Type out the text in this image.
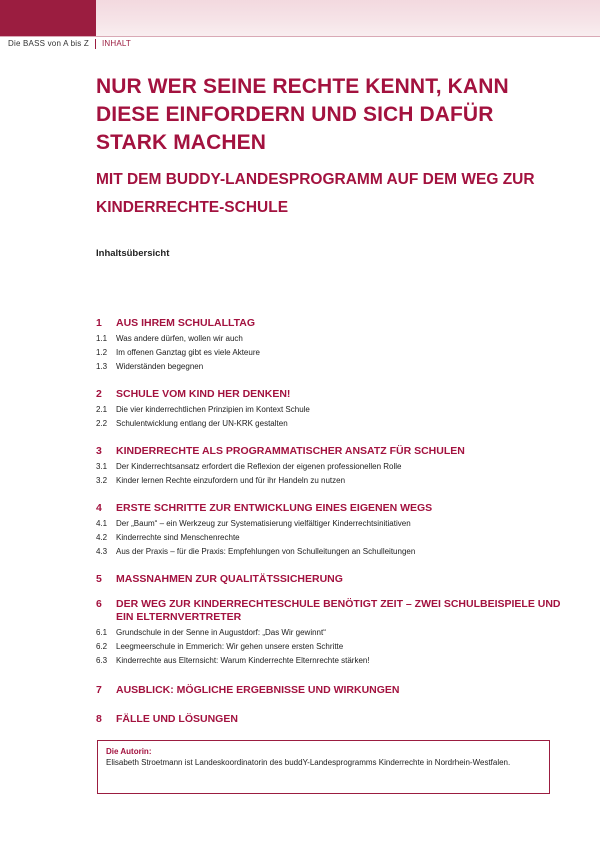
Die BASS von A bis Z INHALT
NUR WER SEINE RECHTE KENNT, KANN DIESE EINFORDERN UND SICH DAFÜR STARK MACHEN
MIT DEM BUDDY-LANDESPROGRAMM AUF DEM WEG ZUR KINDERRECHTE-SCHULE
Inhaltsübersicht
1	AUS IHREM SCHULALLTAG
1.1	Was andere dürfen, wollen wir auch
1.2	Im offenen Ganztag gibt es viele Akteure
1.3	Widerständen begegnen
2	SCHULE VOM KIND HER DENKEN!
2.1	Die vier kinderrechtlichen Prinzipien im Kontext Schule
2.2	Schulentwicklung entlang der UN-KRK gestalten
3	KINDERRECHTE ALS PROGRAMMATISCHER ANSATZ FÜR SCHULEN
3.1	Der Kinderrechtsansatz erfordert die Reflexion der eigenen professionellen Rolle
3.2	Kinder lernen Rechte einzufordern und für ihr Handeln zu nutzen
4	ERSTE SCHRITTE ZUR ENTWICKLUNG EINES EIGENEN WEGS
4.1	Der „Baum“ – ein Werkzeug zur Systematisierung vielfältiger Kinderrechtsinitiativen
4.2	Kinderrechte sind Menschenrechte
4.3	Aus der Praxis – für die Praxis: Empfehlungen von Schulleitungen an Schulleitungen
5	MASSNAHMEN ZUR QUALITÄTSSICHERUNG
6	DER WEG ZUR KINDERRECHTESCHULE BENÖTIGT ZEIT – ZWEI SCHULBEISPIELE UND EIN ELTERNVERTRETER
6.1	Grundschule in der Senne in Augustdorf: „Das Wir gewinnt“
6.2	Leegmeerschule in Emmerich: Wir gehen unsere ersten Schritte
6.3	Kinderrechte aus Elternsicht: Warum Kinderrechte Elternrechte stärken!
7	AUSBLICK: MÖGLICHE ERGEBNISSE UND WIRKUNGEN
8	FÄLLE UND LÖSUNGEN
Die Autorin:
Elisabeth Stroetmann ist Landeskoordinatorin des buddY-Landesprogramms Kinderrechte in Nordrhein-Westfalen.
